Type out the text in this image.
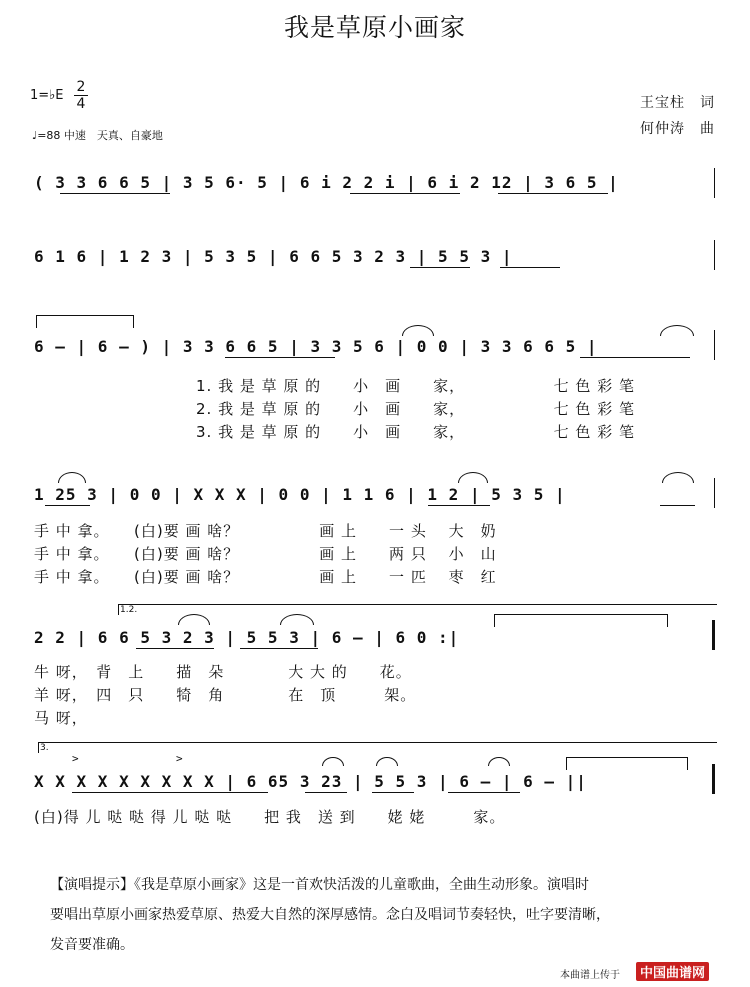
我是草原小画家
1=♭E
2
4	王宝柱　词
何仲涛　曲
♩=88 中速　天真、自豪地
( 3 3 6 6 5 | 3 5 6· 5 | 6 i 2 2 i | 6 i 2 12 | 3 6 5 |
6 1 6 | 1 2 3 | 5 3 5 | 6 6 5 3 2 3 | 5 5 3 |
6 – | 6 – ) | 3 3 6 6 5 | 3 3 5 6 | 0 0 | 3 3 6 6 5 |
1. 我 是 草 原 的　　小　画　　家，　　　　　　七 色 彩 笔
2. 我 是 草 原 的　　小　画　　家，　　　　　　七 色 彩 笔
3. 我 是 草 原 的　　小　画　　家，　　　　　　七 色 彩 笔
1 25 3 | 0 0 | X X X | 0 0 | 1 1 6 | 1 2 | 5 3 5 |
手 中 拿。　　(白)要 画 啥？　　　　　画 上　　一 头　 大　奶
手 中 拿。　　(白)要 画 啥？　　　　　画 上　　两 只　 小　山
手 中 拿。　　(白)要 画 啥？　　　　　画 上　　一 匹　 枣　红
1.2.
2 2 | 6 6 5 3 2 3 | 5 5 3 | 6 – | 6 0 :|
牛 呀，　背　上　　描　朵　　　　大 大 的　　花。
羊 呀，　四　只　　犄　角　　　　在　顶　　　架。
马 呀，
3.
>	>
X X X X X X X X X | 6 65 3 23 | 5 5 3 | 6 – | 6 – ||
(白)得 儿 哒 哒 得 儿 哒 哒　　把 我　送 到　　姥 姥　　　家。
【演唱提示】《我是草原小画家》这是一首欢快活泼的儿童歌曲，全曲生动形象。演唱时
要唱出草原小画家热爱草原、热爱大自然的深厚感情。念白及唱词节奏轻快，吐字要清晰，
发音要准确。
本曲谱上传于	中国曲谱网
